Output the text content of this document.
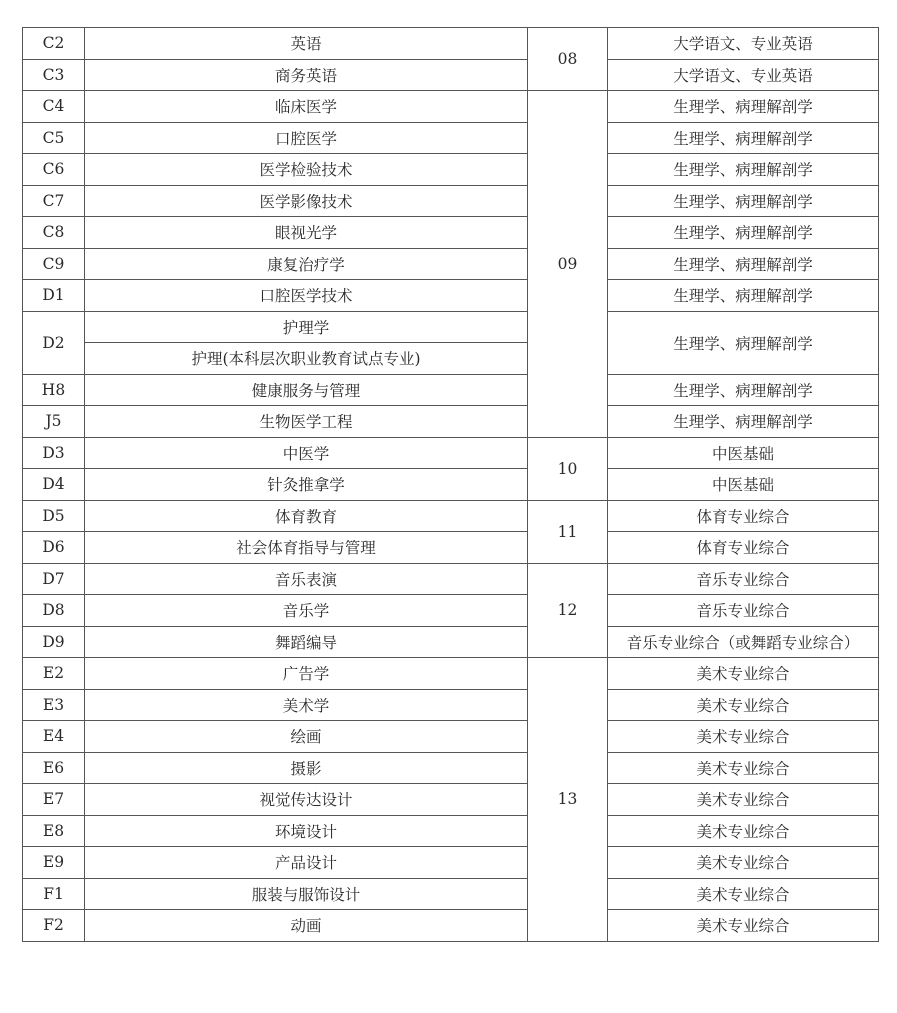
C2	英语	08	大学语文、专业英语
C3	商务英语		大学语文、专业英语
C4	临床医学	09	生理学、病理解剖学
C5	口腔医学		生理学、病理解剖学
C6	医学检验技术		生理学、病理解剖学
C7	医学影像技术		生理学、病理解剖学
C8	眼视光学		生理学、病理解剖学
C9	康复治疗学		生理学、病理解剖学
D1	口腔医学技术		生理学、病理解剖学
D2	护理学		生理学、病理解剖学
	护理(本科层次职业教育试点专业)		
H8	健康服务与管理		生理学、病理解剖学
J5	生物医学工程		生理学、病理解剖学
D3	中医学	10	中医基础
D4	针灸推拿学		中医基础
D5	体育教育	11	体育专业综合
D6	社会体育指导与管理		体育专业综合
D7	音乐表演	12	音乐专业综合
D8	音乐学		音乐专业综合
D9	舞蹈编导		音乐专业综合（或舞蹈专业综合）
E2	广告学	13	美术专业综合
E3	美术学		美术专业综合
E4	绘画		美术专业综合
E6	摄影		美术专业综合
E7	视觉传达设计		美术专业综合
E8	环境设计		美术专业综合
E9	产品设计		美术专业综合
F1	服装与服饰设计		美术专业综合
F2	动画		美术专业综合
